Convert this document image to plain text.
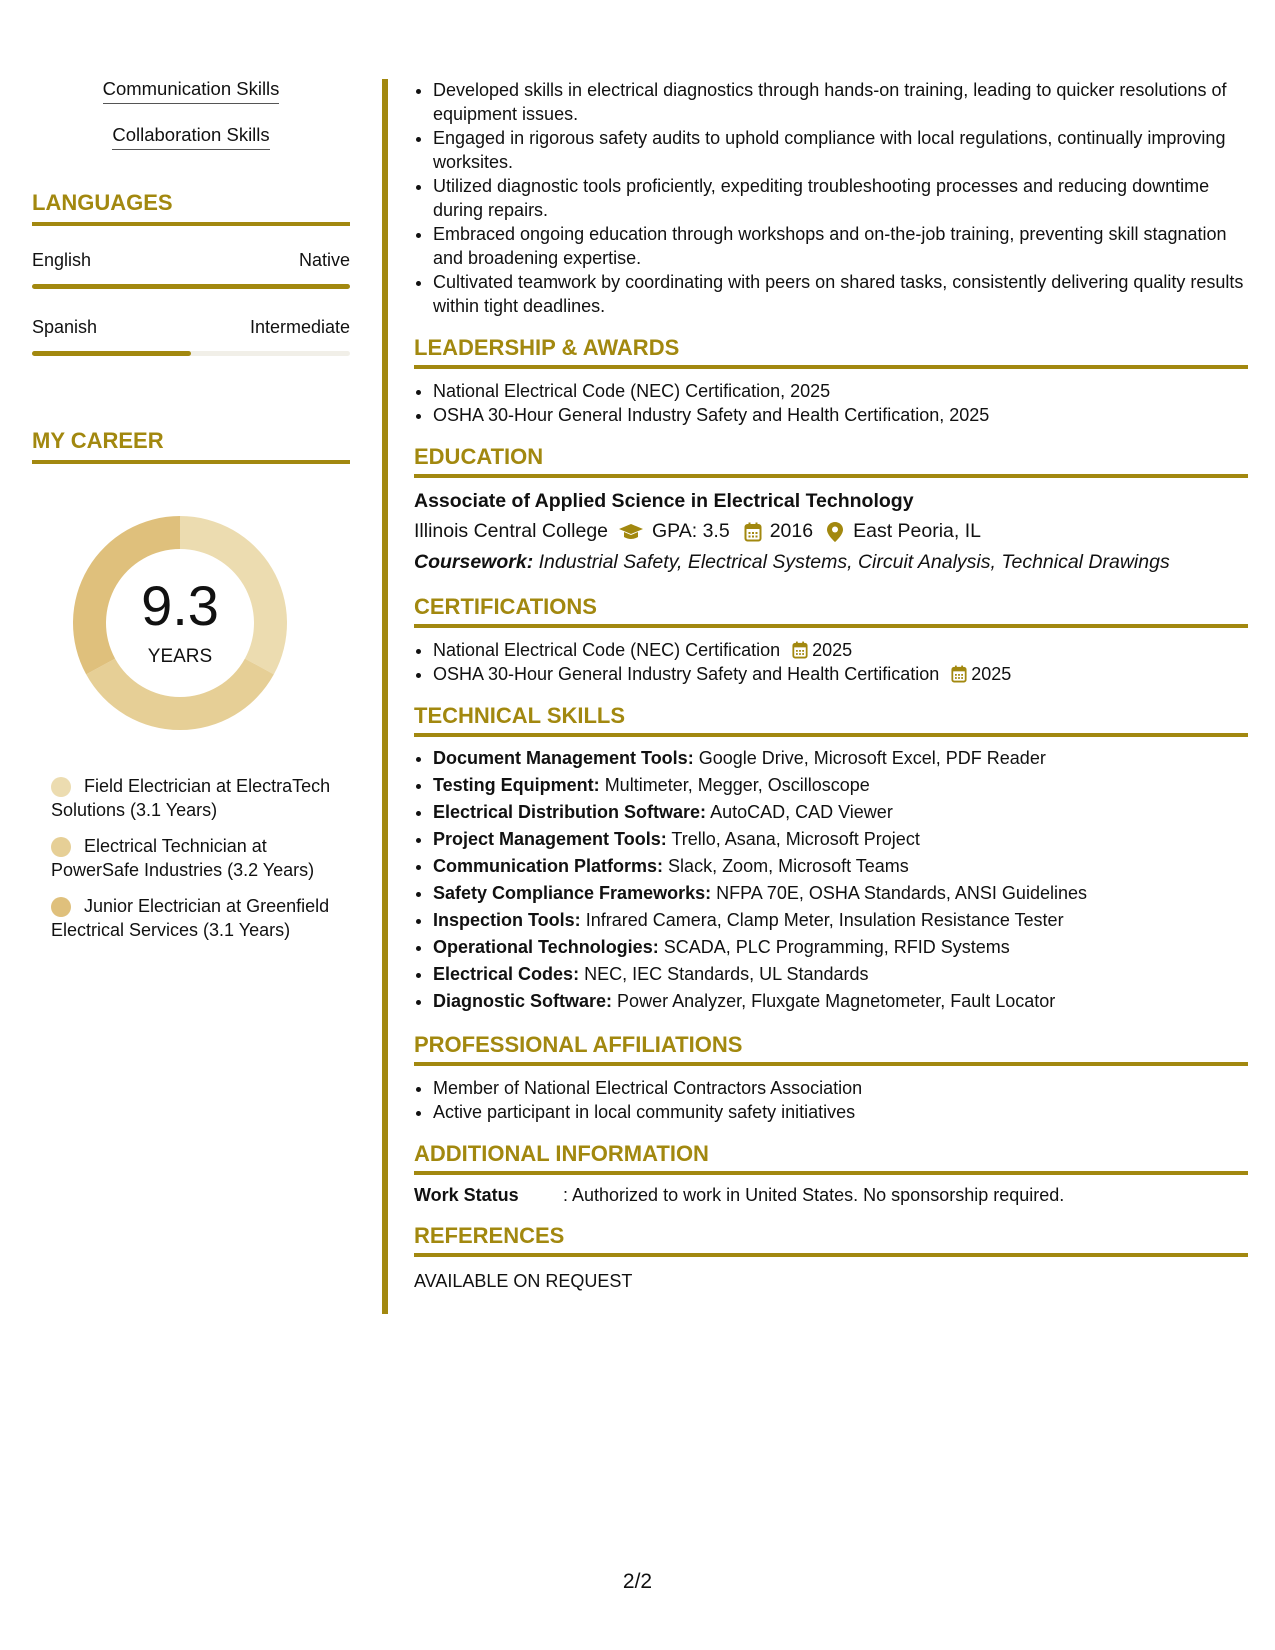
Communication Skills
Collaboration Skills
LANGUAGES
English	Native
Spanish	Intermediate
MY CAREER
9.3
YEARS
Field Electrician at ElectraTech Solutions (3.1 Years)
Electrical Technician at PowerSafe Industries (3.2 Years)
Junior Electrician at Greenfield Electrical Services (3.1 Years)
• Developed skills in electrical diagnostics through hands-on training, leading to quicker resolutions of equipment issues.
• Engaged in rigorous safety audits to uphold compliance with local regulations, continually improving worksites.
• Utilized diagnostic tools proficiently, expediting troubleshooting processes and reducing downtime during repairs.
• Embraced ongoing education through workshops and on-the-job training, preventing skill stagnation and broadening expertise.
• Cultivated teamwork by coordinating with peers on shared tasks, consistently delivering quality results within tight deadlines.
LEADERSHIP & AWARDS
• National Electrical Code (NEC) Certification, 2025
• OSHA 30-Hour General Industry Safety and Health Certification, 2025
EDUCATION
Associate of Applied Science in Electrical Technology
Illinois Central College GPA: 3.5 2016 East Peoria, IL
Coursework: Industrial Safety, Electrical Systems, Circuit Analysis, Technical Drawings
CERTIFICATIONS
• National Electrical Code (NEC) Certification 2025
• OSHA 30-Hour General Industry Safety and Health Certification 2025
TECHNICAL SKILLS
• Document Management Tools: Google Drive, Microsoft Excel, PDF Reader
• Testing Equipment: Multimeter, Megger, Oscilloscope
• Electrical Distribution Software: AutoCAD, CAD Viewer
• Project Management Tools: Trello, Asana, Microsoft Project
• Communication Platforms: Slack, Zoom, Microsoft Teams
• Safety Compliance Frameworks: NFPA 70E, OSHA Standards, ANSI Guidelines
• Inspection Tools: Infrared Camera, Clamp Meter, Insulation Resistance Tester
• Operational Technologies: SCADA, PLC Programming, RFID Systems
• Electrical Codes: NEC, IEC Standards, UL Standards
• Diagnostic Software: Power Analyzer, Fluxgate Magnetometer, Fault Locator
PROFESSIONAL AFFILIATIONS
• Member of National Electrical Contractors Association
• Active participant in local community safety initiatives
ADDITIONAL INFORMATION
Work Status	: Authorized to work in United States. No sponsorship required.
REFERENCES
AVAILABLE ON REQUEST
2/2
